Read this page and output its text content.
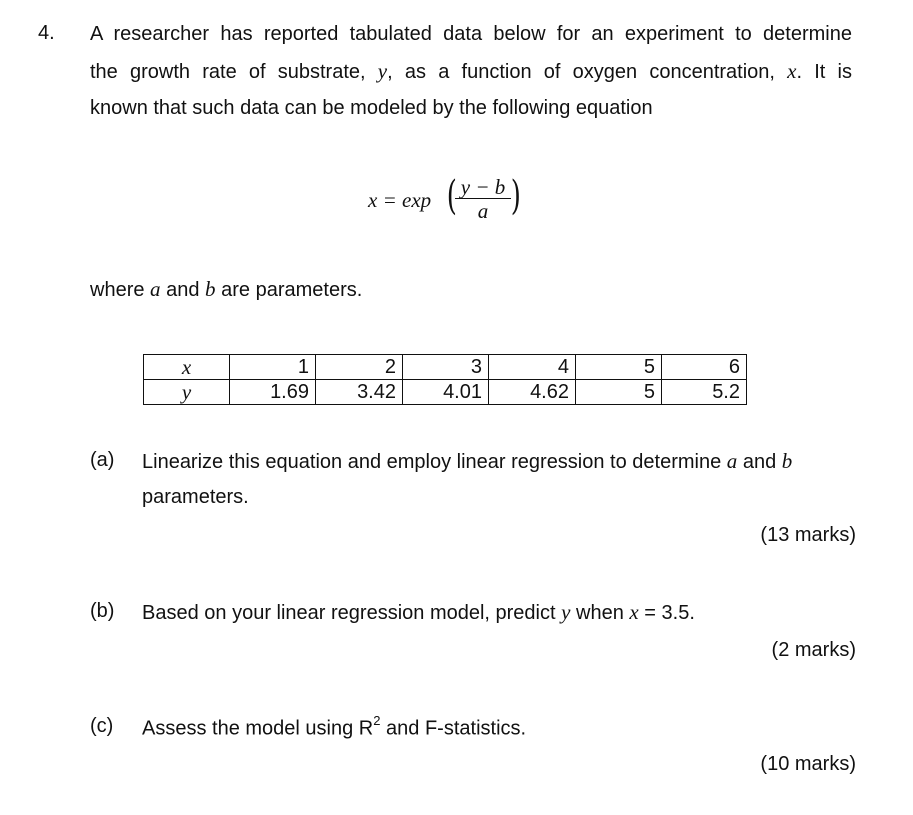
4. A researcher has reported tabulated data below for an experiment to determine
the growth rate of substrate, y, as a function of oxygen concentration, x. It is
known that such data can be modeled by the following equation
x = exp (
$\frac{y - b}{a}$ )
where a and b are parameters.
x	1	2	3	4	5	6
y	1.69	3.42	4.01	4.62	5	5.2
(a) Linearize this equation and employ linear regression to determine a and b
parameters.
(13 marks)
(b) Based on your linear regression model, predict y when x = 3.5.
(2 marks)
(c) Assess the model using $R^2$ and F-statistics.
(10 marks)
